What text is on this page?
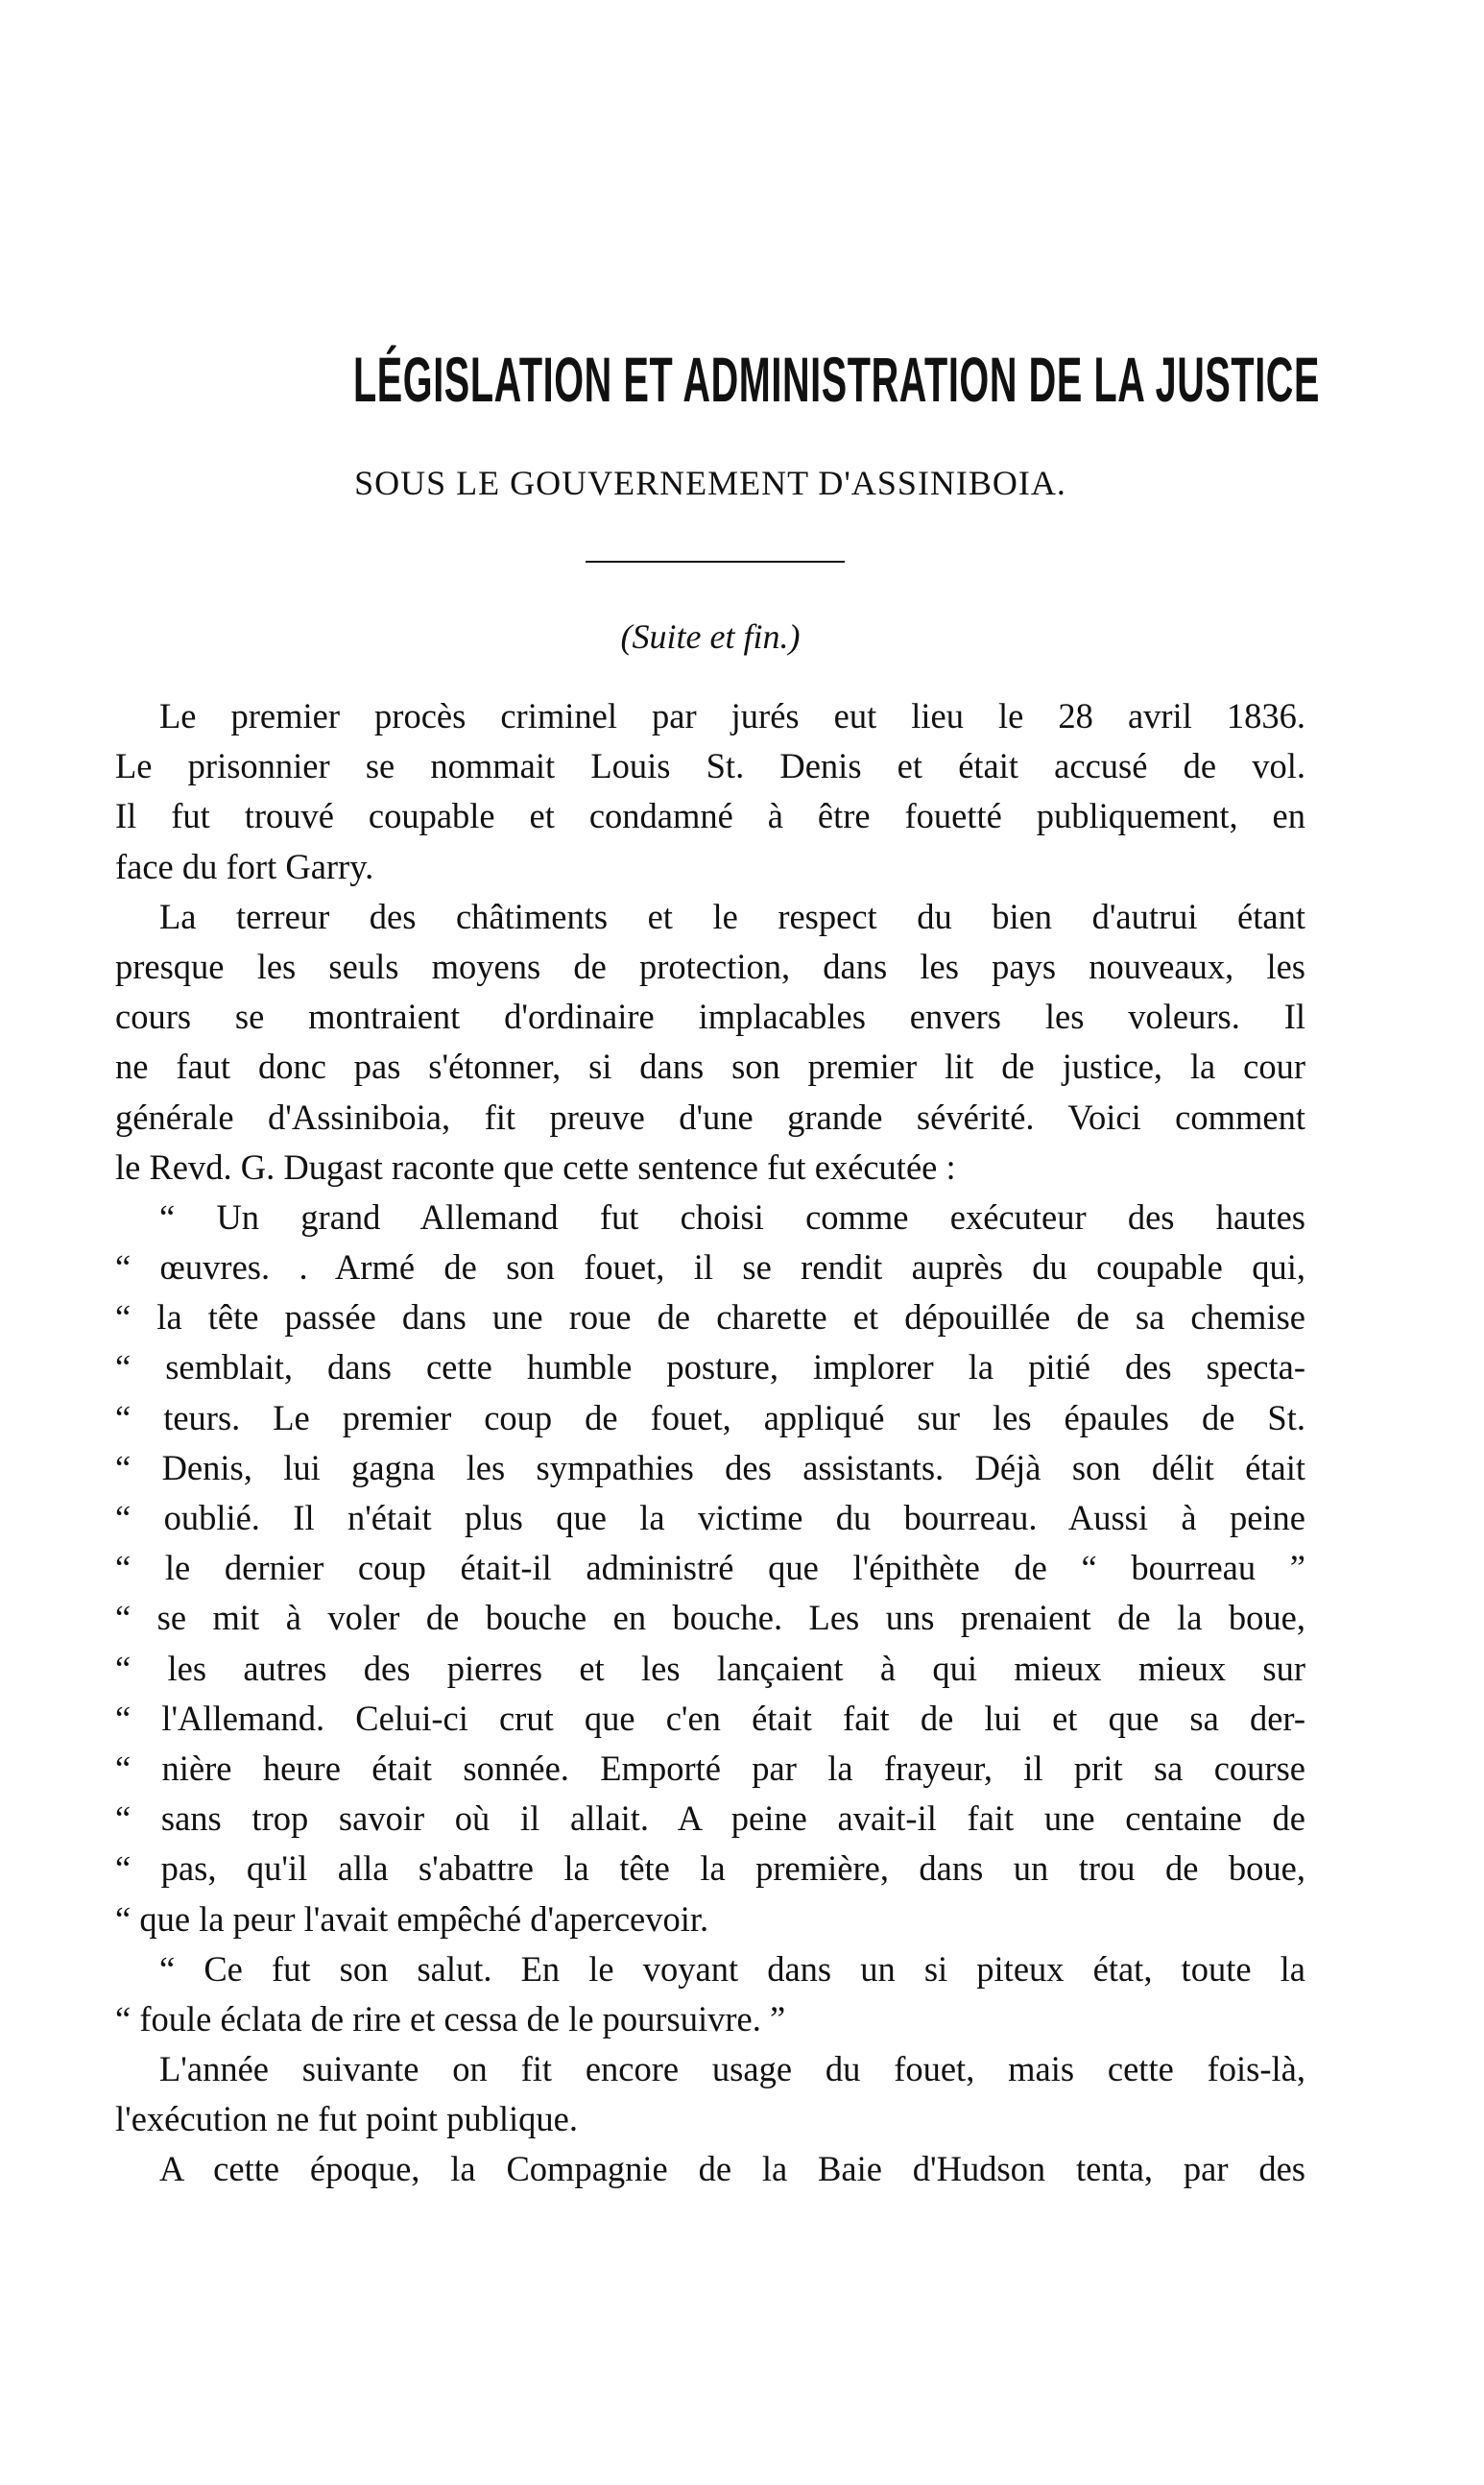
LÉGISLATION ET ADMINISTRATION DE LA JUSTICE
SOUS LE GOUVERNEMENT D'ASSINIBOIA.
(Suite et fin.)
Le premier procès criminel par jurés eut lieu le 28 avril 1836.
Le prisonnier se nommait Louis St. Denis et était accusé de vol.
Il fut trouvé coupable et condamné à être fouetté publiquement, en
face du fort Garry.
La terreur des châtiments et le respect du bien d'autrui étant
presque les seuls moyens de protection, dans les pays nouveaux, les
cours se montraient d'ordinaire implacables envers les voleurs. Il
ne faut donc pas s'étonner, si dans son premier lit de justice, la cour
générale d'Assiniboia, fit preuve d'une grande sévérité. Voici comment
le Revd. G. Dugast raconte que cette sentence fut exécutée :
“ Un grand Allemand fut choisi comme exécuteur des hautes
“ œuvres. . Armé de son fouet, il se rendit auprès du coupable qui,
“ la tête passée dans une roue de charette et dépouillée de sa chemise
“ semblait, dans cette humble posture, implorer la pitié des specta-
“ teurs. Le premier coup de fouet, appliqué sur les épaules de St.
“ Denis, lui gagna les sympathies des assistants. Déjà son délit était
“ oublié. Il n'était plus que la victime du bourreau. Aussi à peine
“ le dernier coup était-il administré que l'épithète de “ bourreau ”
“ se mit à voler de bouche en bouche. Les uns prenaient de la boue,
“ les autres des pierres et les lançaient à qui mieux mieux sur
“ l'Allemand. Celui-ci crut que c'en était fait de lui et que sa der-
“ nière heure était sonnée. Emporté par la frayeur, il prit sa course
“ sans trop savoir où il allait. A peine avait-il fait une centaine de
“ pas, qu'il alla s'abattre la tête la première, dans un trou de boue,
“ que la peur l'avait empêché d'apercevoir.
“ Ce fut son salut. En le voyant dans un si piteux état, toute la
“ foule éclata de rire et cessa de le poursuivre. ”
L'année suivante on fit encore usage du fouet, mais cette fois-là,
l'exécution ne fut point publique.
A cette époque, la Compagnie de la Baie d'Hudson tenta, par des
